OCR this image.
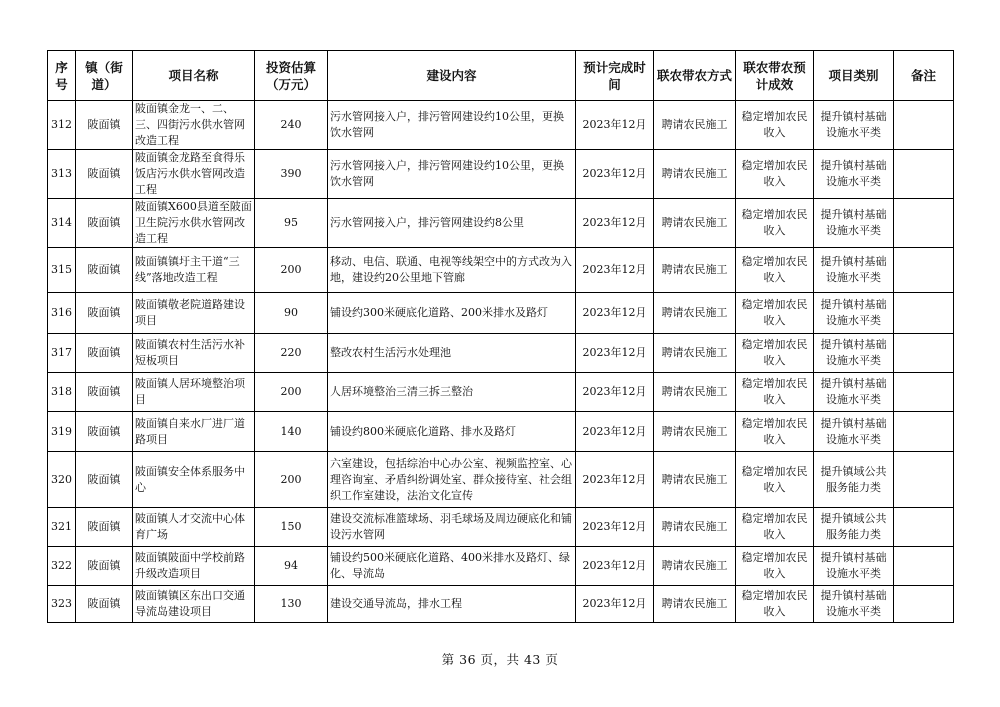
序号	镇（街道）	项目名称	投资估算（万元）	建设内容	预计完成时间	联农带农方式	联农带农预计成效	项目类别	备注
312	陂面镇	陂面镇金龙一、二、三、四街污水供水管网改造工程	240	污水管网接入户，排污管网建设约10公里，更换饮水管网	2023年12月	聘请农民施工	稳定增加农民收入	提升镇村基础设施水平类	
313	陂面镇	陂面镇金龙路至食得乐饭店污水供水管网改造工程	390	污水管网接入户，排污管网建设约10公里，更换饮水管网	2023年12月	聘请农民施工	稳定增加农民收入	提升镇村基础设施水平类	
314	陂面镇	陂面镇X600县道至陂面卫生院污水供水管网改造工程	95	污水管网接入户，排污管网建设约8公里	2023年12月	聘请农民施工	稳定增加农民收入	提升镇村基础设施水平类	
315	陂面镇	陂面镇镇圩主干道“三线”落地改造工程	200	移动、电信、联通、电视等线架空中的方式改为入地，建设约20公里地下管廊	2023年12月	聘请农民施工	稳定增加农民收入	提升镇村基础设施水平类	
316	陂面镇	陂面镇敬老院道路建设项目	90	铺设约300米硬底化道路、200米排水及路灯	2023年12月	聘请农民施工	稳定增加农民收入	提升镇村基础设施水平类	
317	陂面镇	陂面镇农村生活污水补短板项目	220	整改农村生活污水处理池	2023年12月	聘请农民施工	稳定增加农民收入	提升镇村基础设施水平类	
318	陂面镇	陂面镇人居环境整治项目	200	人居环境整治三清三拆三整治	2023年12月	聘请农民施工	稳定增加农民收入	提升镇村基础设施水平类	
319	陂面镇	陂面镇自来水厂进厂道路项目	140	铺设约800米硬底化道路、排水及路灯	2023年12月	聘请农民施工	稳定增加农民收入	提升镇村基础设施水平类	
320	陂面镇	陂面镇安全体系服务中心	200	六室建设，包括综治中心办公室、视频监控室、心理咨询室、矛盾纠纷调处室、群众接待室、社会组织工作室建设，法治文化宣传	2023年12月	聘请农民施工	稳定增加农民收入	提升镇域公共服务能力类	
321	陂面镇	陂面镇人才交流中心体育广场	150	建设交流标准篮球场、羽毛球场及周边硬底化和铺设污水管网	2023年12月	聘请农民施工	稳定增加农民收入	提升镇域公共服务能力类	
322	陂面镇	陂面镇陂面中学校前路升级改造项目	94	铺设约500米硬底化道路、400米排水及路灯、绿化、导流岛	2023年12月	聘请农民施工	稳定增加农民收入	提升镇村基础设施水平类	
323	陂面镇	陂面镇镇区东出口交通导流岛建设项目	130	建设交通导流岛，排水工程	2023年12月	聘请农民施工	稳定增加农民收入	提升镇村基础设施水平类	
第 36 页，共 43 页
